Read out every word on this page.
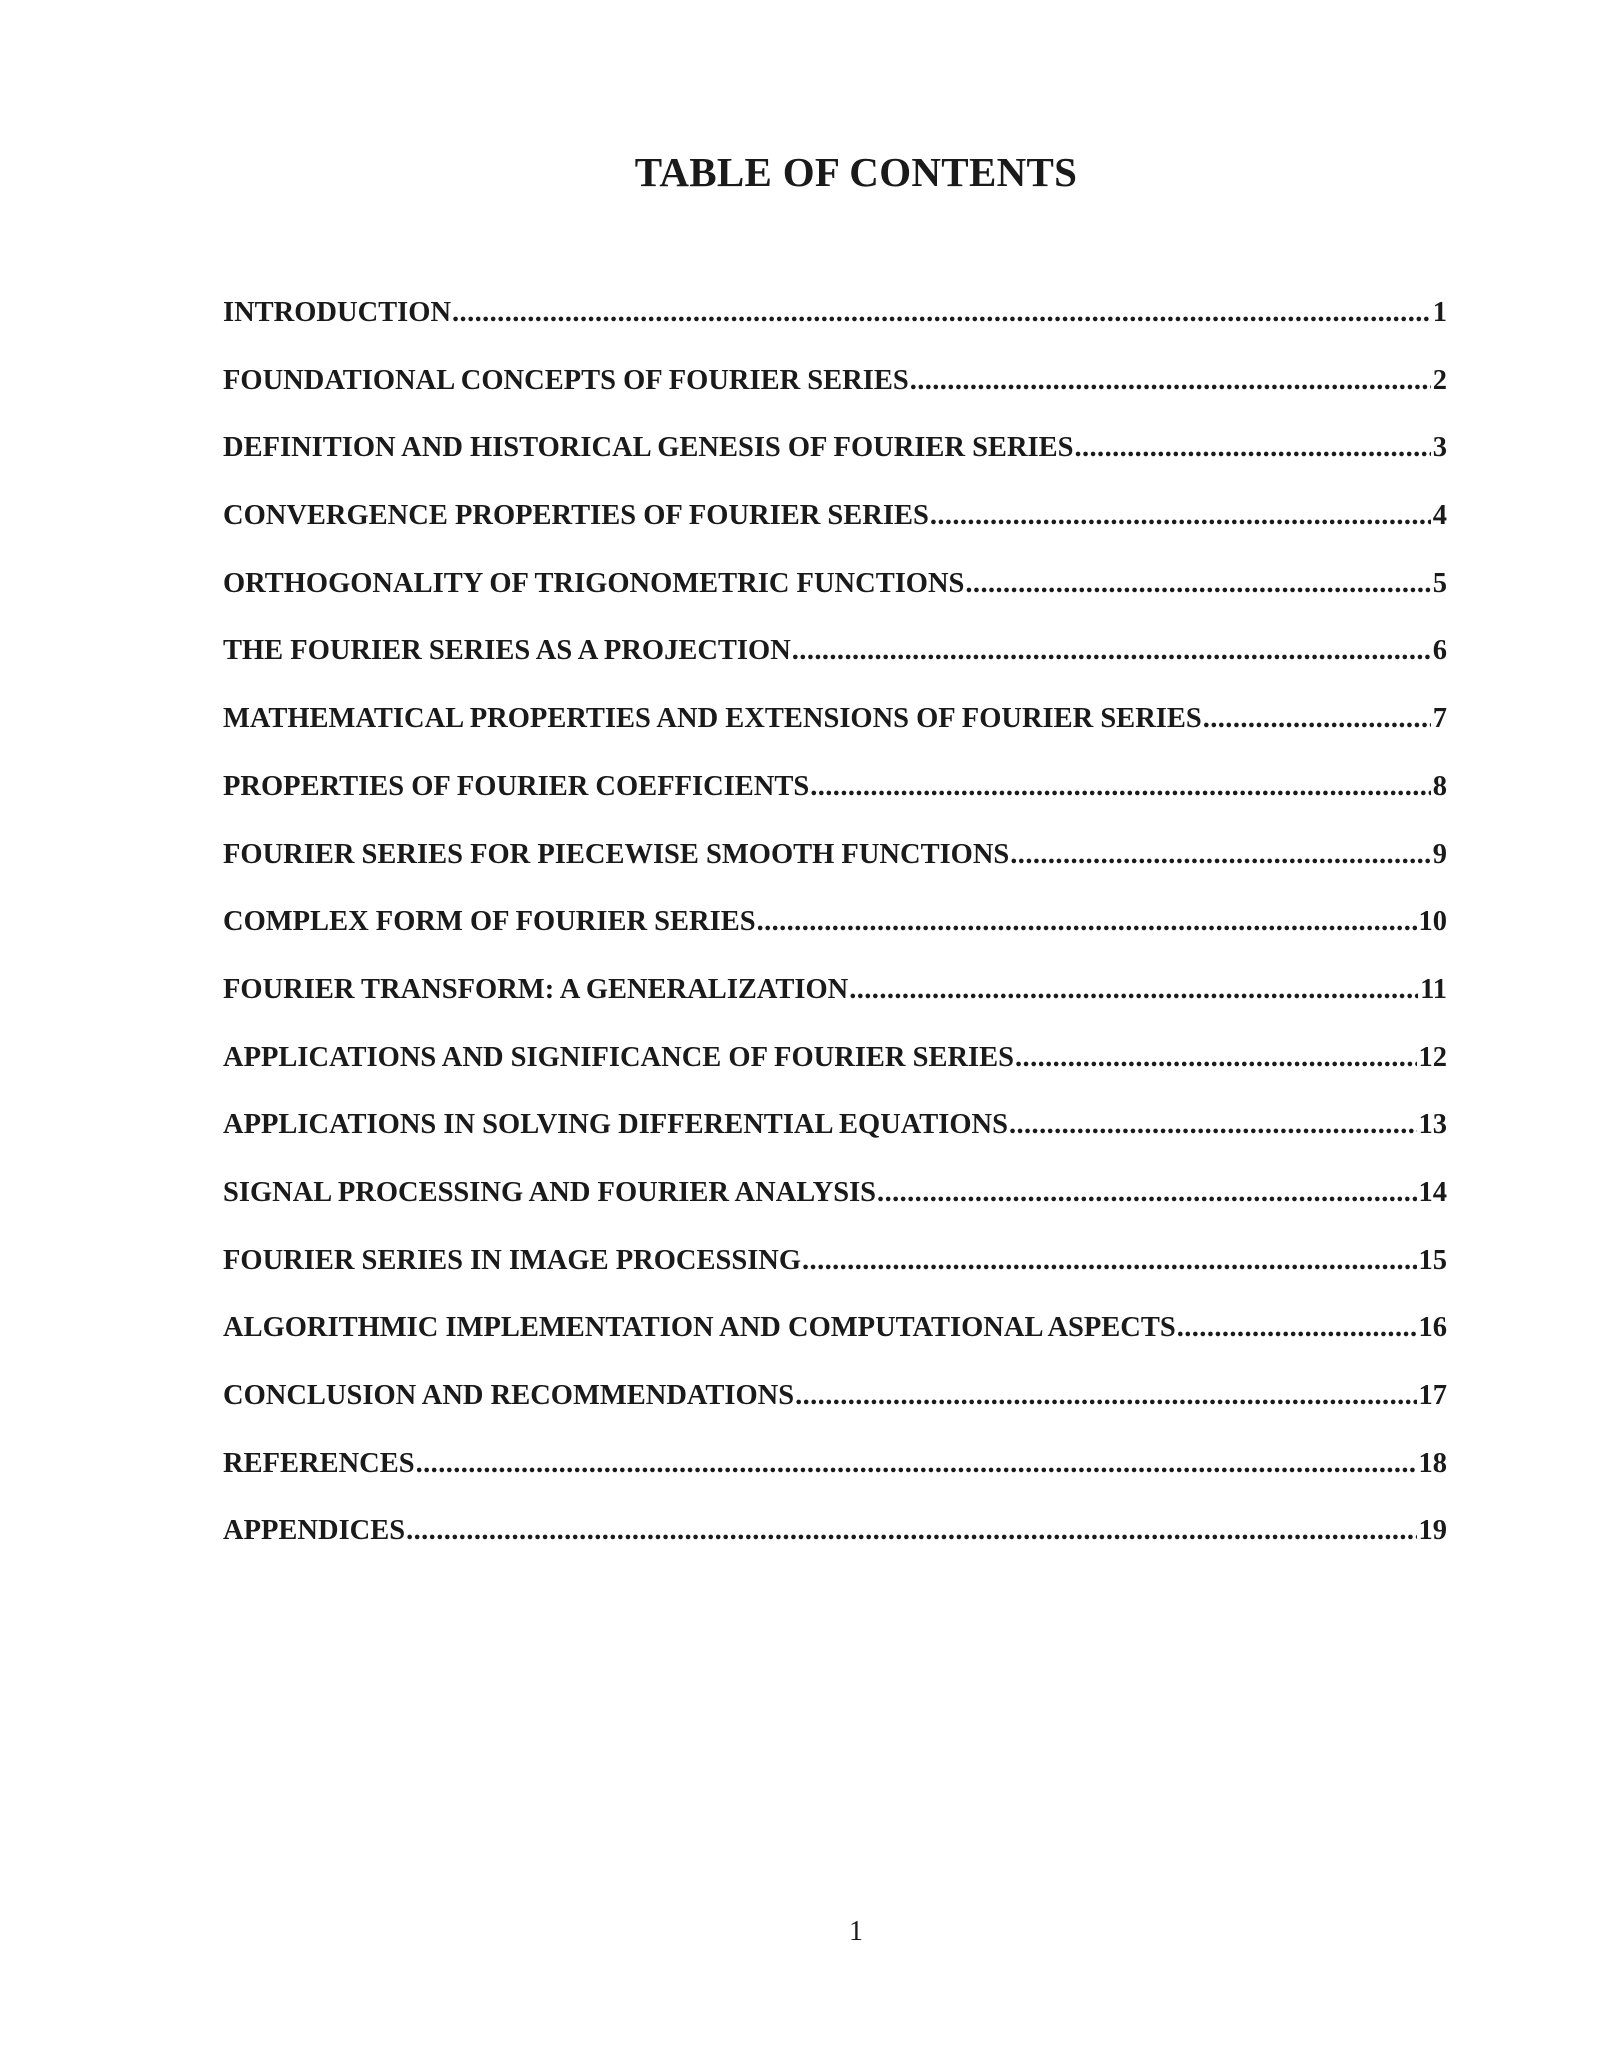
TABLE OF CONTENTS
INTRODUCTION .....	1
FOUNDATIONAL CONCEPTS OF FOURIER SERIES .....	2
DEFINITION AND HISTORICAL GENESIS OF FOURIER SERIES .....	3
CONVERGENCE PROPERTIES OF FOURIER SERIES .....	4
ORTHOGONALITY OF TRIGONOMETRIC FUNCTIONS .....	5
THE FOURIER SERIES AS A PROJECTION .....	6
MATHEMATICAL PROPERTIES AND EXTENSIONS OF FOURIER SERIES .....	7
PROPERTIES OF FOURIER COEFFICIENTS .....	8
FOURIER SERIES FOR PIECEWISE SMOOTH FUNCTIONS .....	9
COMPLEX FORM OF FOURIER SERIES .....	10
FOURIER TRANSFORM: A GENERALIZATION .....	11
APPLICATIONS AND SIGNIFICANCE OF FOURIER SERIES .....	12
APPLICATIONS IN SOLVING DIFFERENTIAL EQUATIONS .....	13
SIGNAL PROCESSING AND FOURIER ANALYSIS .....	14
FOURIER SERIES IN IMAGE PROCESSING .....	15
ALGORITHMIC IMPLEMENTATION AND COMPUTATIONAL ASPECTS .....	16
CONCLUSION AND RECOMMENDATIONS .....	17
REFERENCES .....	18
APPENDICES .....	19
1
